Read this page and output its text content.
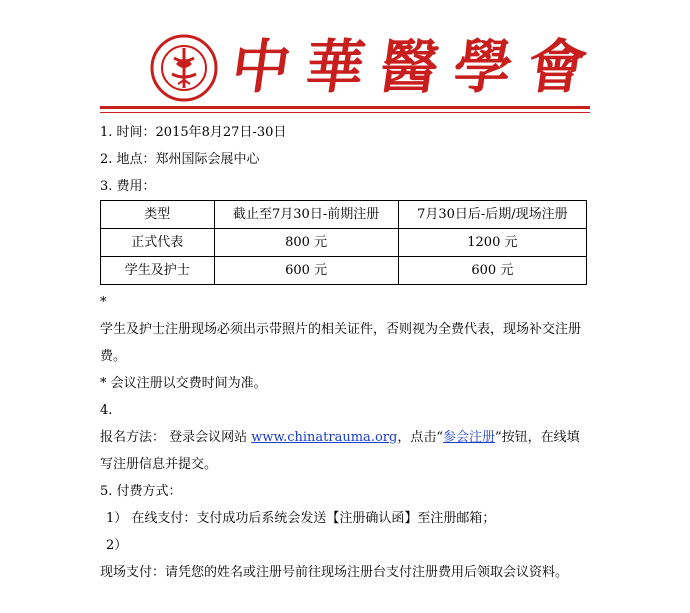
中華醫學會
1. 时间：2015年8月27日-30日
2. 地点：郑州国际会展中心
3. 费用：
类型	截止至7月30日-前期注册	7月30日后-后期/现场注册
正式代表	800 元	1200 元
学生及护士	600 元	600 元
*
学生及护士注册现场必须出示带照片的相关证件，否则视为全费代表，现场补交注册费。
* 会议注册以交费时间为准。
4.
报名方法： 登录会议网站 www.chinatrauma.org，点击“参会注册”按钮，在线填写注册信息并提交。
5. 付费方式：
1） 在线支付：支付成功后系统会发送【注册确认函】至注册邮箱；
2）
现场支付：请凭您的姓名或注册号前往现场注册台支付注册费用后领取会议资料。
